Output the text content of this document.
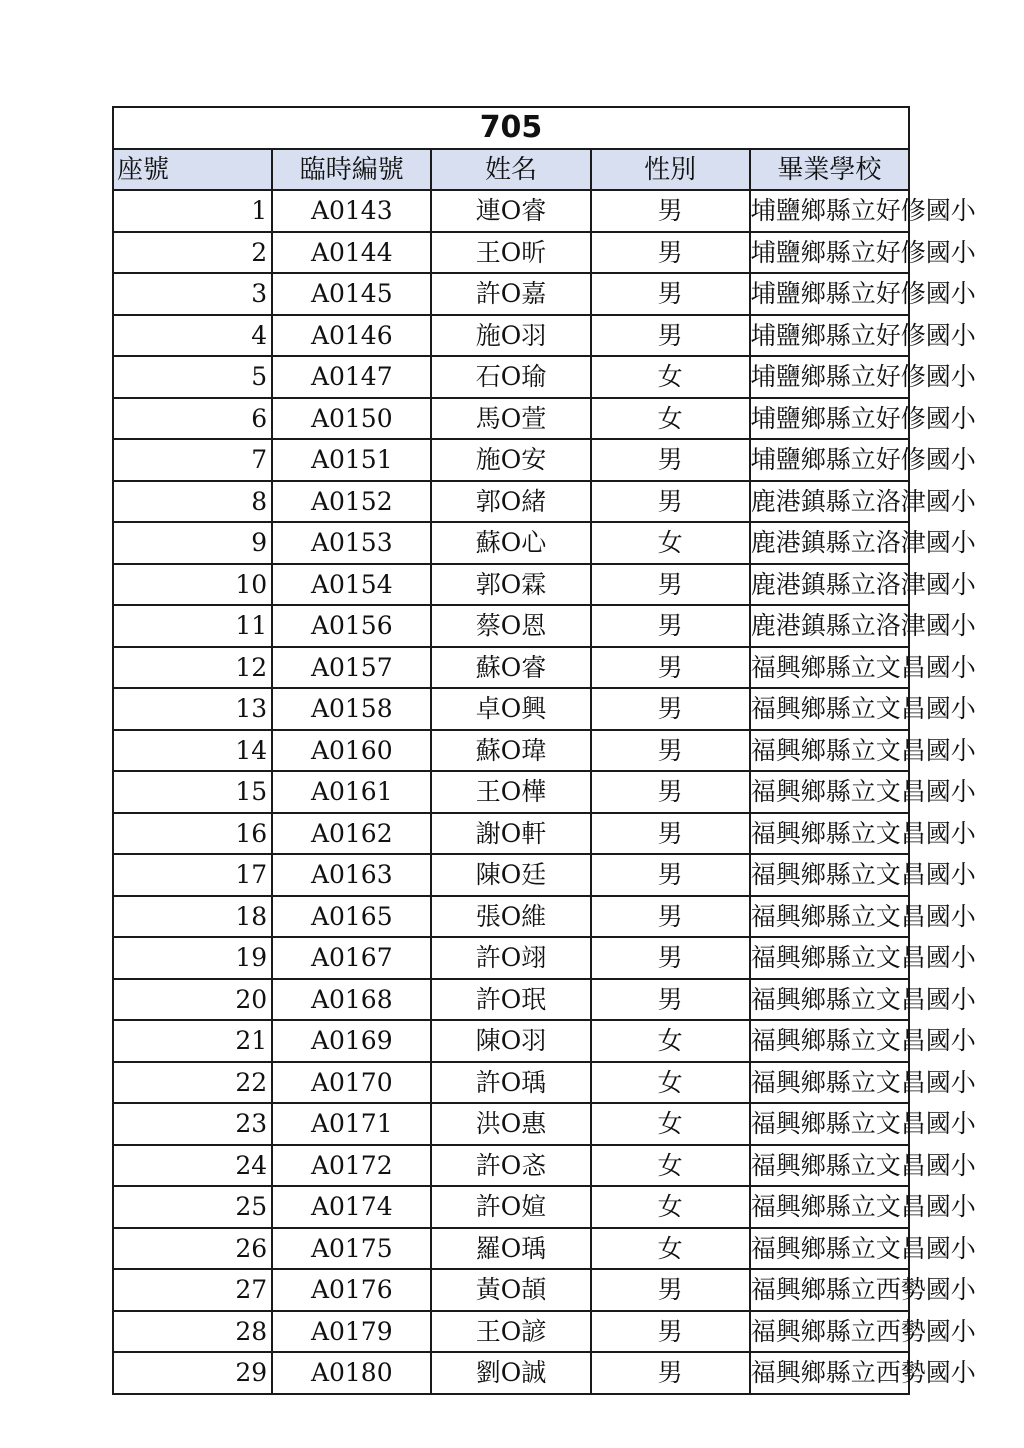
705				
座號	臨時編號	姓名	性別	畢業學校
1	A0143	連O睿	男	埔鹽鄉縣立好修國小
2	A0144	王O昕	男	埔鹽鄉縣立好修國小
3	A0145	許O嘉	男	埔鹽鄉縣立好修國小
4	A0146	施O羽	男	埔鹽鄉縣立好修國小
5	A0147	石O瑜	女	埔鹽鄉縣立好修國小
6	A0150	馬O萱	女	埔鹽鄉縣立好修國小
7	A0151	施O安	男	埔鹽鄉縣立好修國小
8	A0152	郭O緒	男	鹿港鎮縣立洛津國小
9	A0153	蘇O心	女	鹿港鎮縣立洛津國小
10	A0154	郭O霖	男	鹿港鎮縣立洛津國小
11	A0156	蔡O恩	男	鹿港鎮縣立洛津國小
12	A0157	蘇O睿	男	福興鄉縣立文昌國小
13	A0158	卓O興	男	福興鄉縣立文昌國小
14	A0160	蘇O瑋	男	福興鄉縣立文昌國小
15	A0161	王O樺	男	福興鄉縣立文昌國小
16	A0162	謝O軒	男	福興鄉縣立文昌國小
17	A0163	陳O廷	男	福興鄉縣立文昌國小
18	A0165	張O維	男	福興鄉縣立文昌國小
19	A0167	許O翊	男	福興鄉縣立文昌國小
20	A0168	許O珉	男	福興鄉縣立文昌國小
21	A0169	陳O羽	女	福興鄉縣立文昌國小
22	A0170	許O瑀	女	福興鄉縣立文昌國小
23	A0171	洪O惠	女	福興鄉縣立文昌國小
24	A0172	許O忞	女	福興鄉縣立文昌國小
25	A0174	許O媗	女	福興鄉縣立文昌國小
26	A0175	羅O瑀	女	福興鄉縣立文昌國小
27	A0176	黃O頡	男	福興鄉縣立西勢國小
28	A0179	王O諺	男	福興鄉縣立西勢國小
29	A0180	劉O誠	男	福興鄉縣立西勢國小
